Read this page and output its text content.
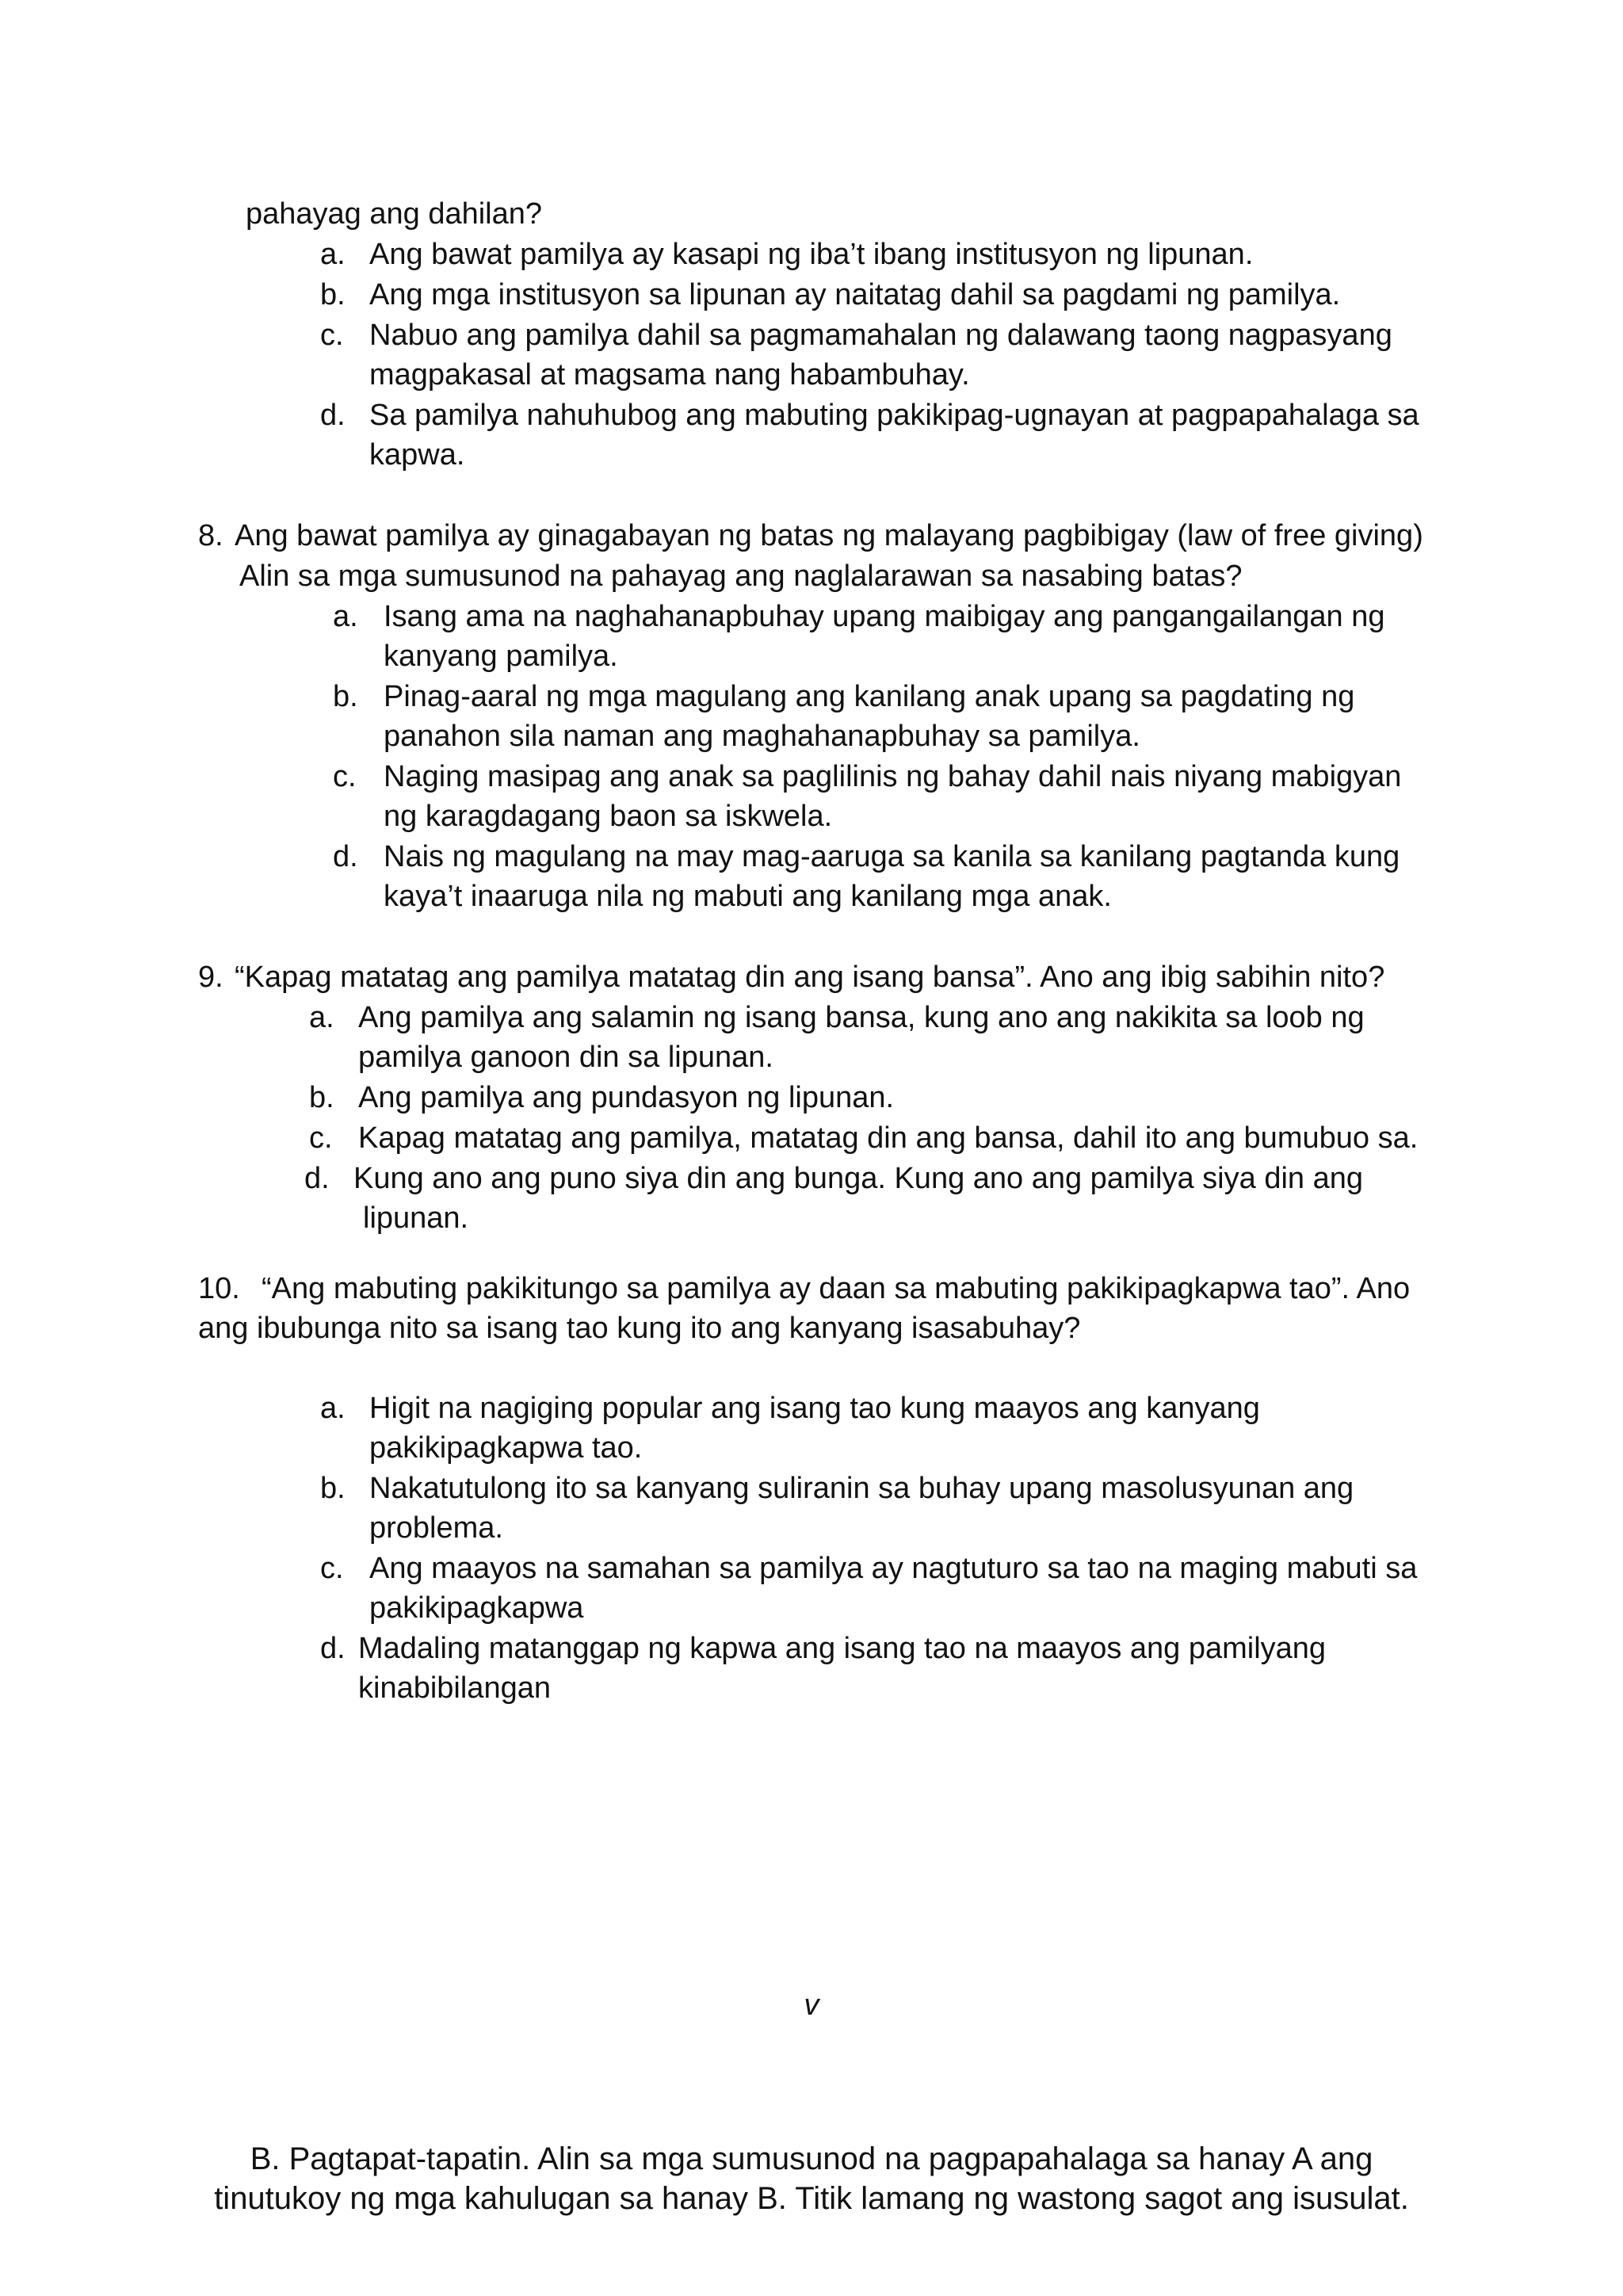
pahayag ang dahilan?
a. Ang bawat pamilya ay kasapi ng iba’t ibang institusyon ng lipunan.
b. Ang mga institusyon sa lipunan ay naitatag dahil sa pagdami ng pamilya.
c. Nabuo ang pamilya dahil sa pagmamahalan ng dalawang taong nagpasyang
magpakasal at magsama nang habambuhay.
d. Sa pamilya nahuhubog ang mabuting pakikipag-ugnayan at pagpapahalaga sa
kapwa.
8. Ang bawat pamilya ay ginagabayan ng batas ng malayang pagbibigay (law of free giving)
Alin sa mga sumusunod na pahayag ang naglalarawan sa nasabing batas?
a. Isang ama na naghahanapbuhay upang maibigay ang pangangailangan ng
kanyang pamilya.
b. Pinag-aaral ng mga magulang ang kanilang anak upang sa pagdating ng
panahon sila naman ang maghahanapbuhay sa pamilya.
c. Naging masipag ang anak sa paglilinis ng bahay dahil nais niyang mabigyan
ng karagdagang baon sa iskwela.
d. Nais ng magulang na may mag-aaruga sa kanila sa kanilang pagtanda kung
kaya’t inaaruga nila ng mabuti ang kanilang mga anak.
9. “Kapag matatag ang pamilya matatag din ang isang bansa”. Ano ang ibig sabihin nito?
a. Ang pamilya ang salamin ng isang bansa, kung ano ang nakikita sa loob ng
pamilya ganoon din sa lipunan.
b. Ang pamilya ang pundasyon ng lipunan.
c. Kapag matatag ang pamilya, matatag din ang bansa, dahil ito ang bumubuo sa.
d. Kung ano ang puno siya din ang bunga. Kung ano ang pamilya siya din ang
lipunan.
10. “Ang mabuting pakikitungo sa pamilya ay daan sa mabuting pakikipagkapwa tao”. Ano
ang ibubunga nito sa isang tao kung ito ang kanyang isasabuhay?
a. Higit na nagiging popular ang isang tao kung maayos ang kanyang
pakikipagkapwa tao.
b. Nakatutulong ito sa kanyang suliranin sa buhay upang masolusyunan ang
problema.
c. Ang maayos na samahan sa pamilya ay nagtuturo sa tao na maging mabuti sa
pakikipagkapwa
d. Madaling matanggap ng kapwa ang isang tao na maayos ang pamilyang
kinabibilangan
v
B. Pagtapat-tapatin. Alin sa mga sumusunod na pagpapahalaga sa hanay A ang
tinutukoy ng mga kahulugan sa hanay B. Titik lamang ng wastong sagot ang isusulat.
